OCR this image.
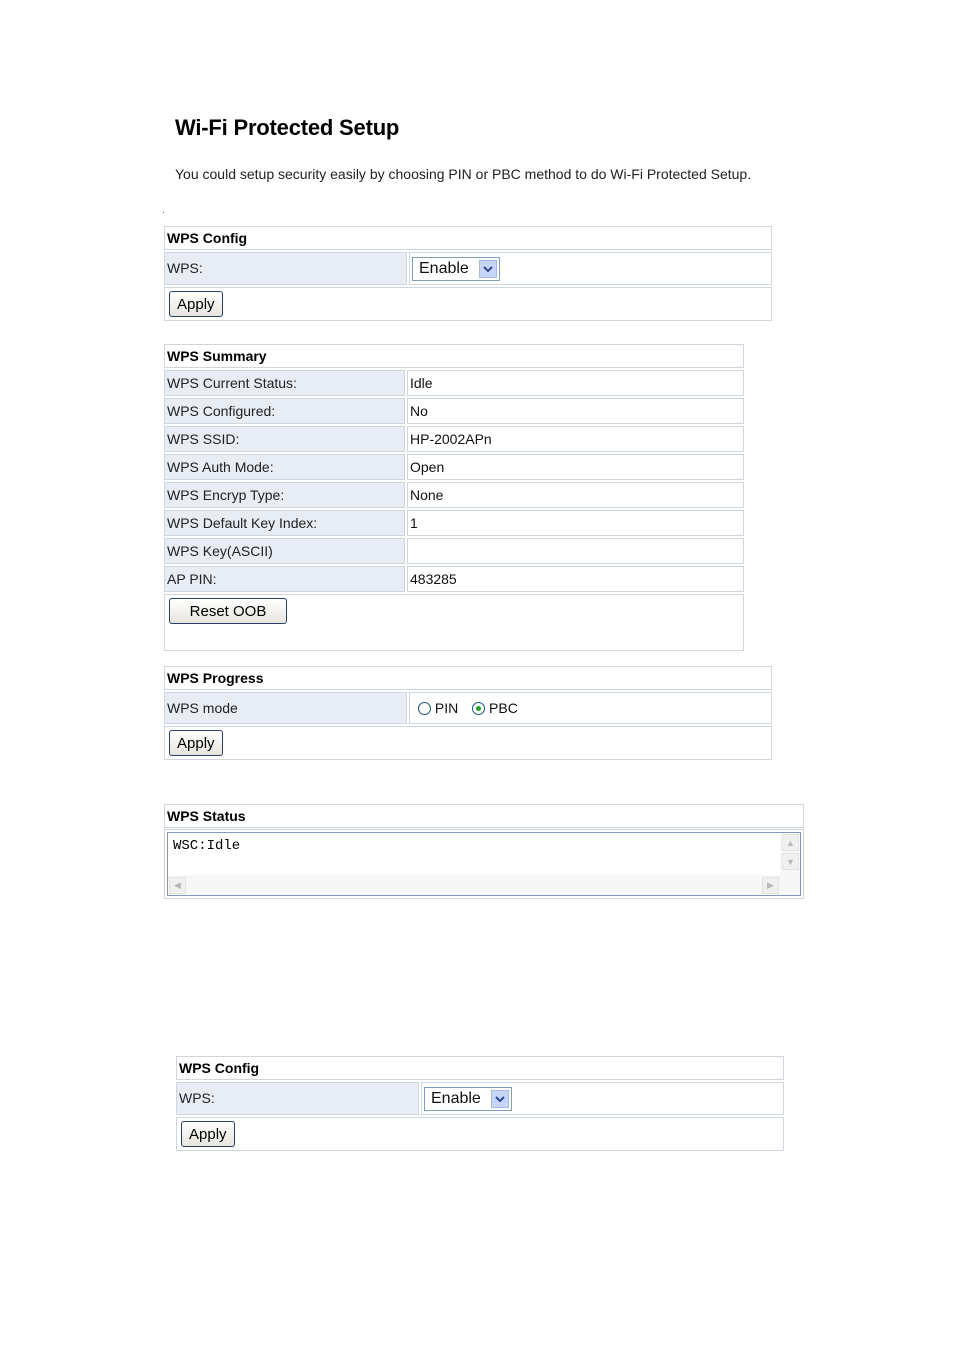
Wi-Fi Protected Setup
You could setup security easily by choosing PIN or PBC method to do Wi-Fi Protected Setup.
.
WPS Config
WPS:	Enable
Apply
WPS Summary
WPS Current Status:	Idle
WPS Configured:	No
WPS SSID:	HP-2002APn
WPS Auth Mode:	Open
WPS Encryp Type:	None
WPS Default Key Index:	1
WPS Key(ASCII)
AP PIN:	483285
Reset OOB
WPS Progress
WPS mode	PIN PBC
Apply
WPS Status
WSC:Idle	▲
▼
◀	▶
WPS Config
WPS:	Enable
Apply
